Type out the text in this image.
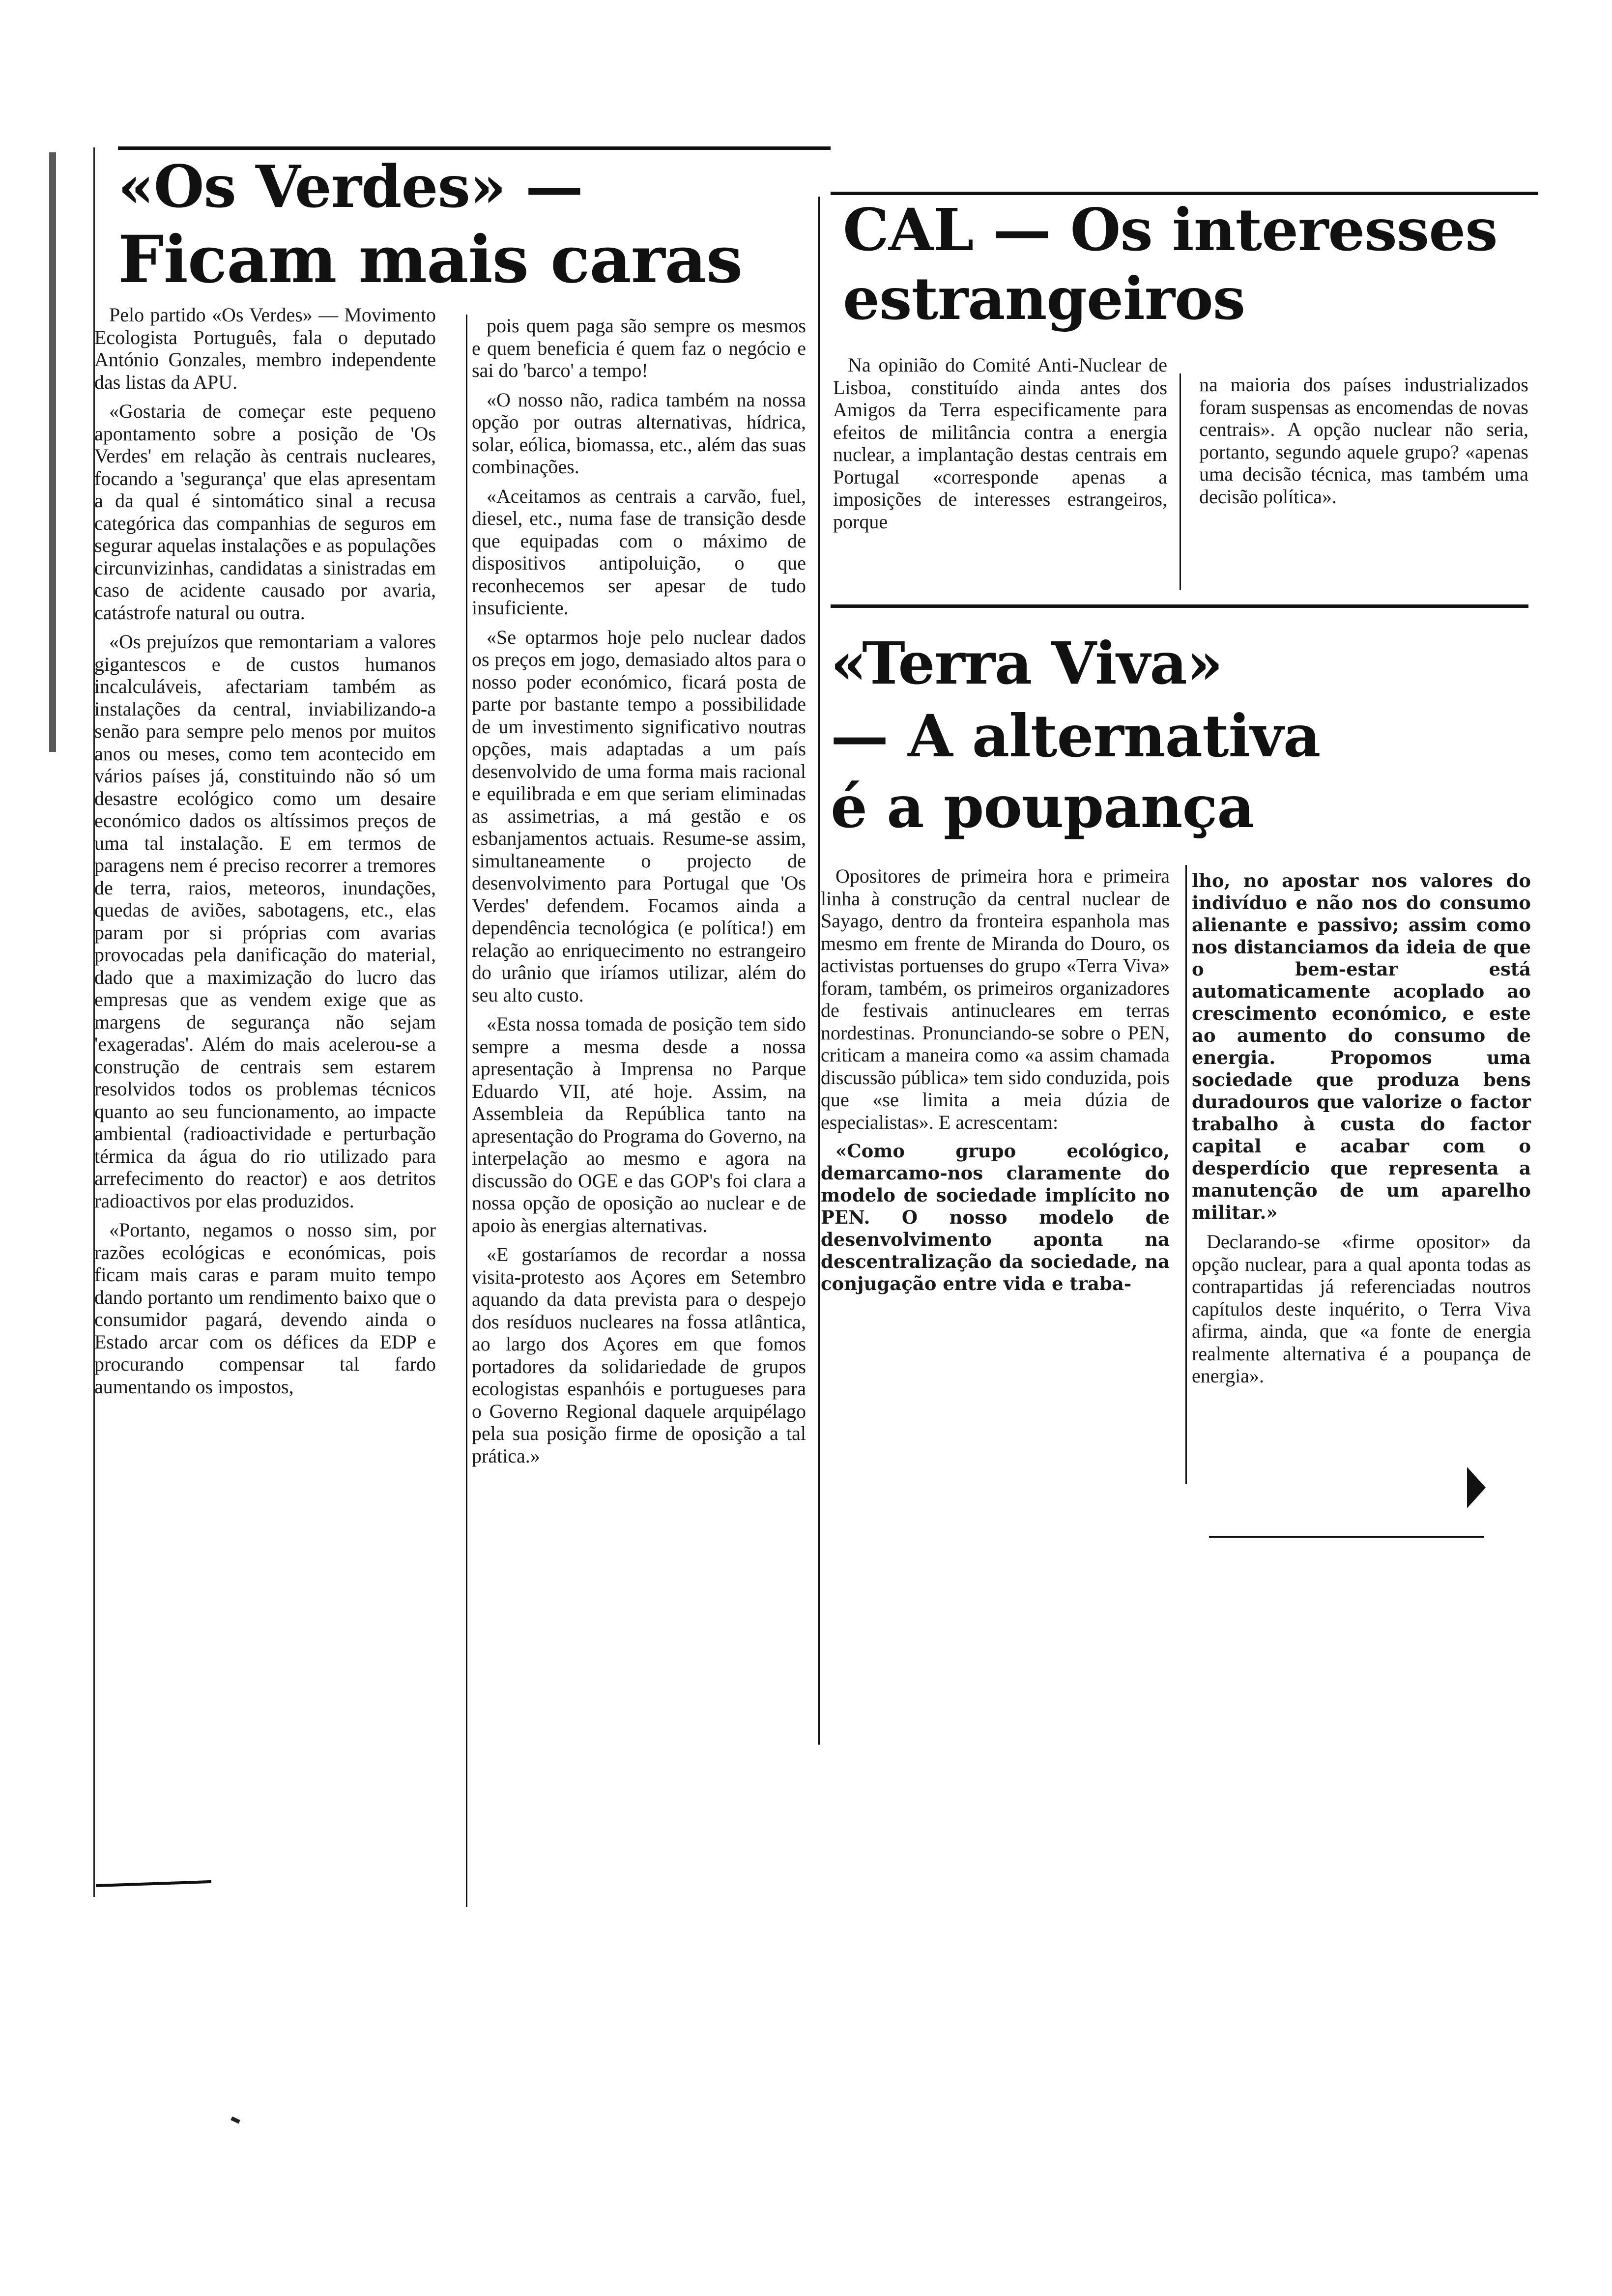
«Os Verdes» —
Ficam mais caras

Pelo partido «Os Verdes» — Movimento Ecologista Português, fala o deputado António Gonzales, membro independente das listas da APU.

«Gostaria de começar este pequeno apontamento sobre a posição de 'Os Verdes' em relação às centrais nucleares, focando a 'segurança' que elas apresentam a da qual é sintomático sinal a recusa categórica das companhias de seguros em segurar aquelas instalações e as populações circunvizinhas, candidatas a sinistradas em caso de acidente causado por avaria, catástrofe natural ou outra.

«Os prejuízos que remontariam a valores gigantescos e de custos humanos incalculáveis, afectariam também as instalações da central, inviabilizando-a senão para sempre pelo menos por muitos anos ou meses, como tem acontecido em vários países já, constituindo não só um desastre ecológico como um desaire económico dados os altíssimos preços de uma tal instalação. E em termos de paragens nem é preciso recorrer a tremores de terra, raios, meteoros, inundações, quedas de aviões, sabotagens, etc., elas param por si próprias com avarias provocadas pela danificação do material, dado que a maximização do lucro das empresas que as vendem exige que as margens de segurança não sejam 'exageradas'. Além do mais acelerou-se a construção de centrais sem estarem resolvidos todos os problemas técnicos quanto ao seu funcionamento, ao impacte ambiental (radioactividade e perturbação térmica da água do rio utilizado para arrefecimento do reactor) e aos detritos radioactivos por elas produzidos.

«Portanto, negamos o nosso sim, por razões ecológicas e económicas, pois ficam mais caras e param muito tempo dando portanto um rendimento baixo que o consumidor pagará, devendo ainda o Estado arcar com os défices da EDP e procurando compensar tal fardo aumentando os impostos,

pois quem paga são sempre os mesmos e quem beneficia é quem faz o negócio e sai do 'barco' a tempo!

«O nosso não, radica também na nossa opção por outras alternativas, hídrica, solar, eólica, biomassa, etc., além das suas combinações.

«Aceitamos as centrais a carvão, fuel, diesel, etc., numa fase de transição desde que equipadas com o máximo de dispositivos antipoluição, o que reconhecemos ser apesar de tudo insuficiente.

«Se optarmos hoje pelo nuclear dados os preços em jogo, demasiado altos para o nosso poder económico, ficará posta de parte por bastante tempo a possibilidade de um investimento significativo noutras opções, mais adaptadas a um país desenvolvido de uma forma mais racional e equilibrada e em que seriam eliminadas as assimetrias, a má gestão e os esbanjamentos actuais. Resume-se assim, simultaneamente o projecto de desenvolvimento para Portugal que 'Os Verdes' defendem. Focamos ainda a dependência tecnológica (e política!) em relação ao enriquecimento no estrangeiro do urânio que iríamos utilizar, além do seu alto custo.

«Esta nossa tomada de posição tem sido sempre a mesma desde a nossa apresentação à Imprensa no Parque Eduardo VII, até hoje. Assim, na Assembleia da República tanto na apresentação do Programa do Governo, na interpelação ao mesmo e agora na discussão do OGE e das GOP's foi clara a nossa opção de oposição ao nuclear e de apoio às energias alternativas.

«E gostaríamos de recordar a nossa visita-protesto aos Açores em Setembro aquando da data prevista para o despejo dos resíduos nucleares na fossa atlântica, ao largo dos Açores em que fomos portadores da solidariedade de grupos ecologistas espanhóis e portugueses para o Governo Regional daquele arquipélago pela sua posição firme de oposição a tal prática.»

CAL — Os interesses
estrangeiros

Na opinião do Comité Anti-Nuclear de Lisboa, constituído ainda antes dos Amigos da Terra especificamente para efeitos de militância contra a energia nuclear, a implantação destas centrais em Portugal «corresponde apenas a imposições de interesses estrangeiros, porque

na maioria dos países industrializados foram suspensas as encomendas de novas centrais». A opção nuclear não seria, portanto, segundo aquele grupo? «apenas uma decisão técnica, mas também uma decisão política».

«Terra Viva»
— A alternativa
é a poupança

Opositores de primeira hora e primeira linha à construção da central nuclear de Sayago, dentro da fronteira espanhola mas mesmo em frente de Miranda do Douro, os activistas portuenses do grupo «Terra Viva» foram, também, os primeiros organizadores de festivais antinucleares em terras nordestinas. Pronunciando-se sobre o PEN, criticam a maneira como «a assim chamada discussão pública» tem sido conduzida, pois que «se limita a meia dúzia de especialistas». E acrescentam:

«Como grupo ecológico, demarcamo-nos claramente do modelo de sociedade implícito no PEN. O nosso modelo de desenvolvimento aponta na descentralização da sociedade, na conjugação entre vida e traba-

lho, no apostar nos valores do indivíduo e não nos do consumo alienante e passivo; assim como nos distanciamos da ideia de que o bem-estar está automaticamente acoplado ao crescimento económico, e este ao aumento do consumo de energia. Propomos uma sociedade que produza bens duradouros que valorize o factor trabalho à custa do factor capital e acabar com o desperdício que representa a manutenção de um aparelho militar.»

Declarando-se «firme opositor» da opção nuclear, para a qual aponta todas as contrapartidas já referenciadas noutros capítulos deste inquérito, o Terra Viva afirma, ainda, que «a fonte de energia realmente alternativa é a poupança de energia».
